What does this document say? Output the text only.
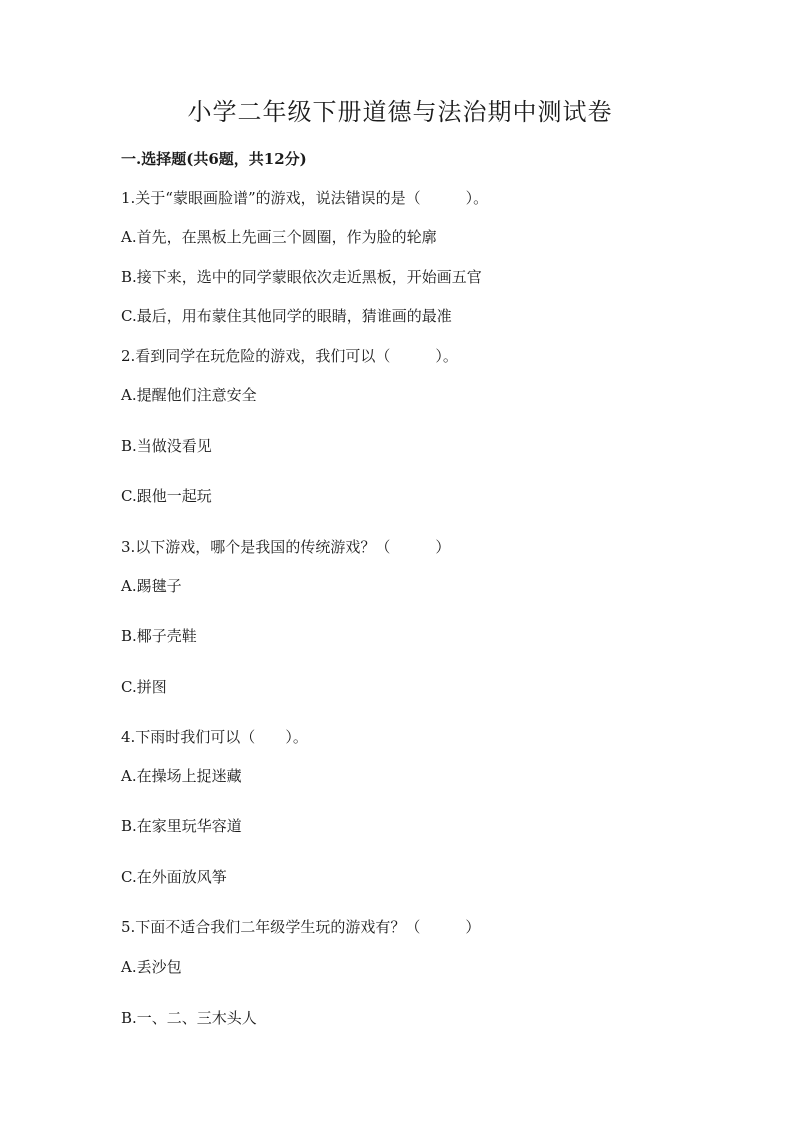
小学二年级下册道德与法治期中测试卷
一.选择题(共6题，共12分)
1.关于“蒙眼画脸谱”的游戏，说法错误的是（　　　）。
A.首先，在黑板上先画三个圆圈，作为脸的轮廓
B.接下来，选中的同学蒙眼依次走近黑板，开始画五官
C.最后，用布蒙住其他同学的眼睛，猜谁画的最准
2.看到同学在玩危险的游戏，我们可以（　　　）。
A.提醒他们注意安全
B.当做没看见
C.跟他一起玩
3.以下游戏，哪个是我国的传统游戏？（　　　）
A.踢毽子
B.椰子壳鞋
C.拼图
4.下雨时我们可以（　　）。
A.在操场上捉迷藏
B.在家里玩华容道
C.在外面放风筝
5.下面不适合我们二年级学生玩的游戏有？（　　　）
A.丢沙包
B.一、二、三木头人
